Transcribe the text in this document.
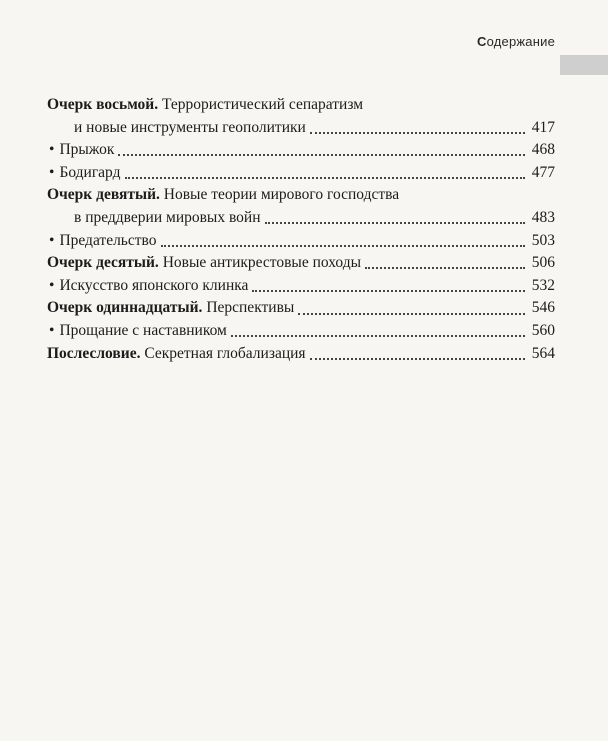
Содержание
Очерк восьмой. Террористический сепаратизм
и новые инструменты геополитики	417
• Прыжок	468
• Бодигард	477
Очерк девятый. Новые теории мирового господства
в преддверии мировых войн	483
• Предательство	503
Очерк десятый. Новые антикрестовые походы	506
• Искусство японского клинка	532
Очерк одиннадцатый. Перспективы	546
• Прощание с наставником	560
Послесловие. Секретная глобализация	564
